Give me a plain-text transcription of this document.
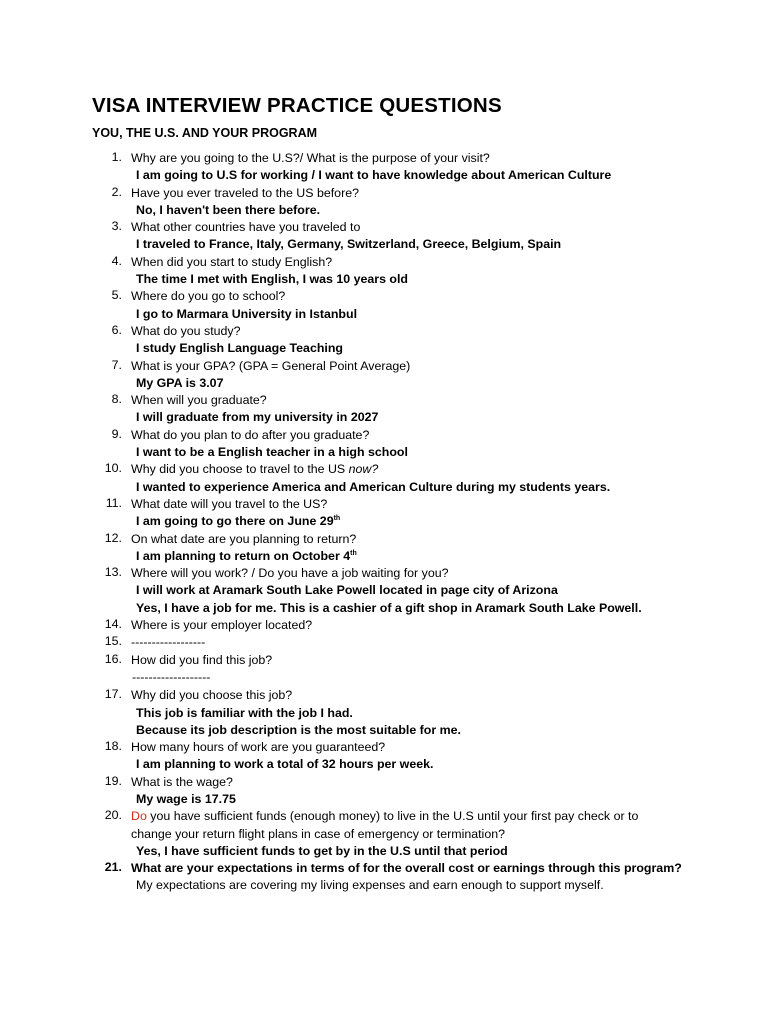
VISA INTERVIEW PRACTICE QUESTIONS
YOU, THE U.S. AND YOUR PROGRAM
1. Why are you going to the U.S?/ What is the purpose of your visit?
I am going to U.S for working / I want to have knowledge about American Culture
2. Have you ever traveled to the US before?
No, I haven't been there before.
3. What other countries have you traveled to
I traveled to France, Italy, Germany, Switzerland, Greece, Belgium, Spain
4. When did you start to study English?
The time I met with English, I was 10 years old
5. Where do you go to school?
I go to Marmara University in Istanbul
6. What do you study?
I study English Language Teaching
7. What is your GPA? (GPA = General Point Average)
My GPA is 3.07
8. When will you graduate?
I will graduate from my university in 2027
9. What do you plan to do after you graduate?
I want to be a English teacher in a high school
10. Why did you choose to travel to the US now?
I wanted to experience America and American Culture during my students years.
11. What date will you travel to the US?
I am going to go there on June 29th
12. On what date are you planning to return?
I am planning to return on October 4th
13. Where will you work? / Do you have a job waiting for you?
I will work at Aramark South Lake Powell located in page city of Arizona
Yes, I have a job for me. This is a cashier of a gift shop in Aramark South Lake Powell.
14. Where is your employer located?
15. ------------------
16. How did you find this job?
-------------------
17. Why did you choose this job?
This job is familiar with the job I had.
Because its job description is the most suitable for me.
18. How many hours of work are you guaranteed?
I am planning to work a total of 32 hours per week.
19. What is the wage?
My wage is 17.75
20. Do you have sufficient funds (enough money) to live in the U.S until your first pay check or to
change your return flight plans in case of emergency or termination?
Yes, I have sufficient funds to get by in the U.S until that period
21. What are your expectations in terms of for the overall cost or earnings through this program?
My expectations are covering my living expenses and earn enough to support myself.
